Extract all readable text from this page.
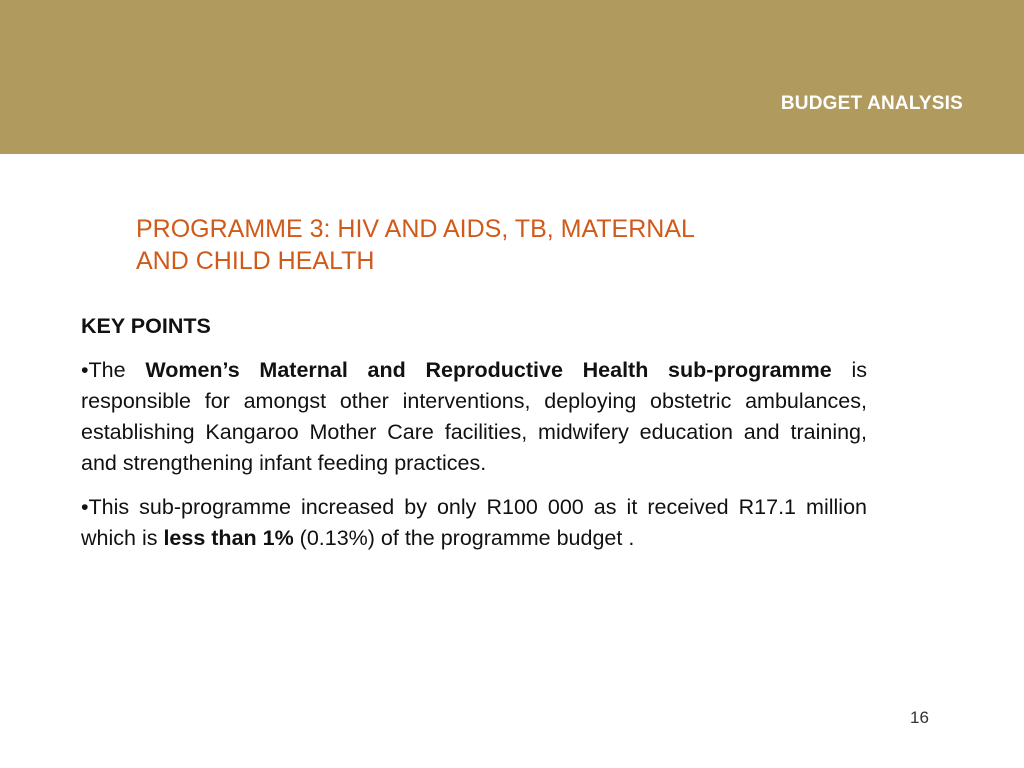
BUDGET ANALYSIS
PROGRAMME 3: HIV AND AIDS, TB, MATERNAL
AND CHILD HEALTH
KEY POINTS

•The Women’s Maternal and Reproductive Health sub-programme is responsible for amongst other interventions, deploying obstetric ambulances, establishing Kangaroo Mother Care facilities, midwifery education and training, and strengthening infant feeding practices.

•This sub-programme increased by only R100 000 as it received R17.1 million which is less than 1% (0.13%) of the programme budget .

16
